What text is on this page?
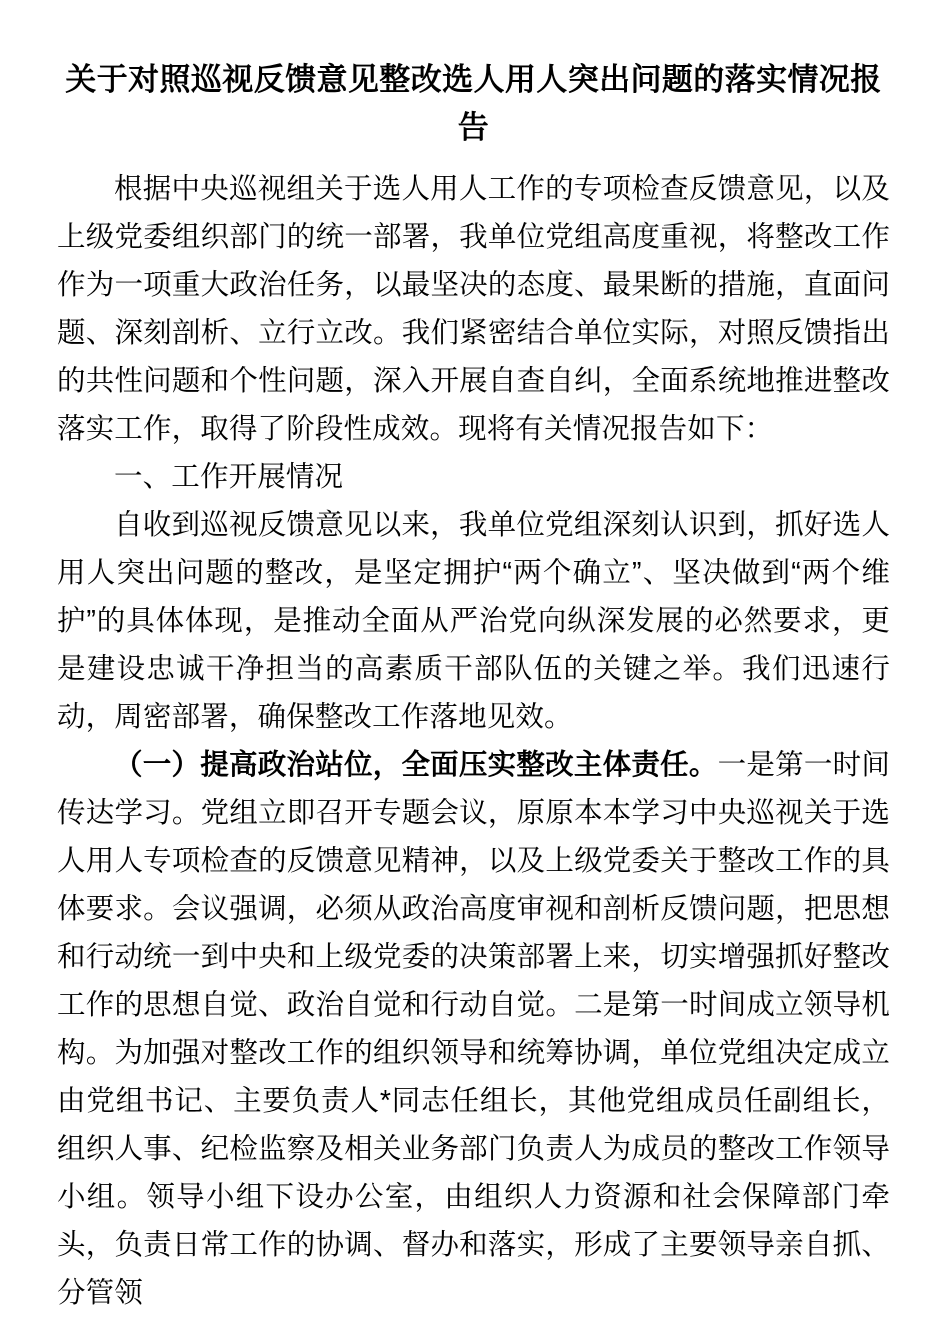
关于对照巡视反馈意见整改选人用人突出问题的落实情况报告

根据中央巡视组关于选人用人工作的专项检查反馈意见，以及上级党委组织部门的统一部署，我单位党组高度重视，将整改工作作为一项重大政治任务，以最坚决的态度、最果断的措施，直面问题、深刻剖析、立行立改。我们紧密结合单位实际，对照反馈指出的共性问题和个性问题，深入开展自查自纠，全面系统地推进整改落实工作，取得了阶段性成效。现将有关情况报告如下：

一、工作开展情况

自收到巡视反馈意见以来，我单位党组深刻认识到，抓好选人用人突出问题的整改，是坚定拥护“两个确立”、坚决做到“两个维护”的具体体现，是推动全面从严治党向纵深发展的必然要求，更是建设忠诚干净担当的高素质干部队伍的关键之举。我们迅速行动，周密部署，确保整改工作落地见效。

（一）提高政治站位，全面压实整改主体责任。一是第一时间传达学习。党组立即召开专题会议，原原本本学习中央巡视关于选人用人专项检查的反馈意见精神，以及上级党委关于整改工作的具体要求。会议强调，必须从政治高度审视和剖析反馈问题，把思想和行动统一到中央和上级党委的决策部署上来，切实增强抓好整改工作的思想自觉、政治自觉和行动自觉。二是第一时间成立领导机构。为加强对整改工作的组织领导和统筹协调，单位党组决定成立由党组书记、主要负责人*同志任组长，其他党组成员任副组长，组织人事、纪检监察及相关业务部门负责人为成员的整改工作领导小组。领导小组下设办公室，由组织人力资源和社会保障部门牵头，负责日常工作的协调、督办和落实，形成了主要领导亲自抓、分管领
